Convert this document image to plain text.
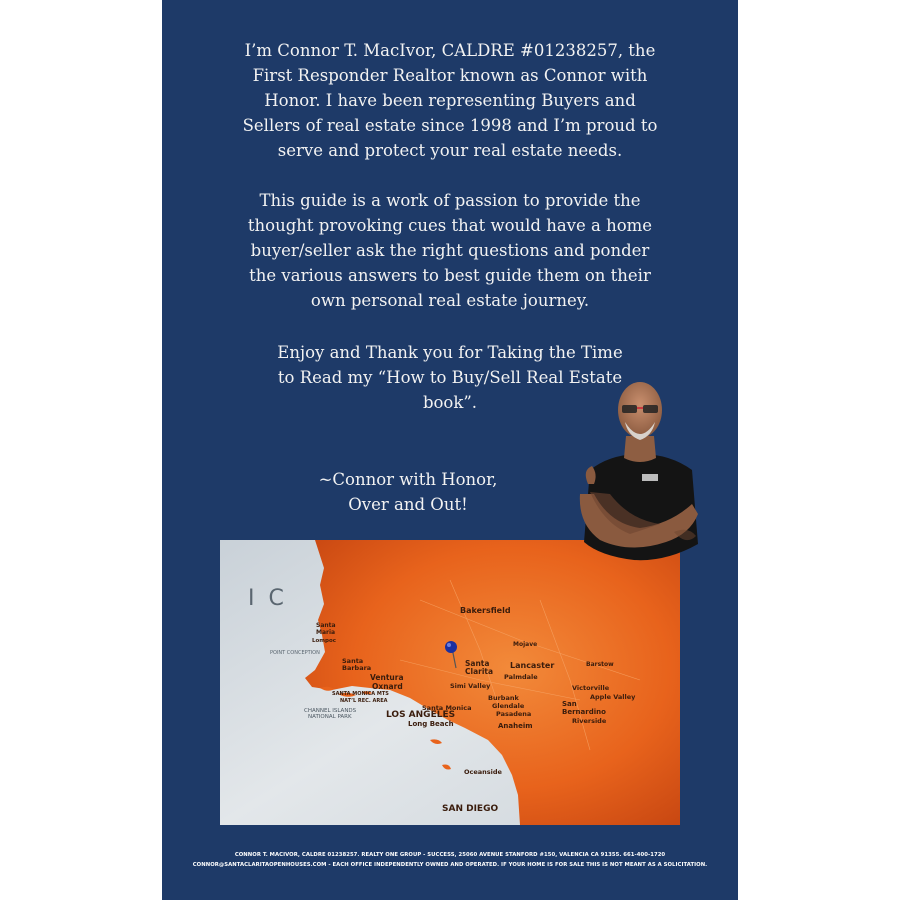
I’m Connor T. MacIvor, CALDRE #01238257, the
First Responder Realtor known as Connor with
Honor. I have been representing Buyers and
Sellers of real estate since 1998 and I’m proud to
serve and protect your real estate needs.
This guide is a work of passion to provide the
thought provoking cues that would have a home
buyer/seller ask the right questions and ponder
the various answers to best guide them on their
own personal real estate journey.
Enjoy and Thank you for Taking the Time
to Read my “How to Buy/Sell Real Estate
book”.
~Connor with Honor,
Over and Out!
IC	Bakersfield
Santa Maria
Lompoc
POINT CONCEPTION
Mojave
Santa Barbara	Santa Clarita
Lancaster	Barstow
Palmdale
Ventura
Oxnard	Simi Valley	Victorville
Apple Valley
SANTA MONICA MTS
NAT’L REC. AREA	Burbank
Glendale
Santa Monica	San Bernardino
CHANNEL ISLANDS
NATIONAL PARK	Pasadena
LOS ANGELES
Riverside
Long Beach	Anaheim
Oceanside
SAN DIEGO
CONNOR T. MACIVOR, CALDRE 01238257. REALTY ONE GROUP - SUCCESS, 25060 AVENUE STANFORD #150, VALENCIA CA 91355. 661-400-1720
CONNOR@SANTACLARITAOPENHOUSES.COM - EACH OFFICE INDEPENDENTLY OWNED AND OPERATED. IF YOUR HOME IS FOR SALE THIS IS NOT MEANT AS A SOLICITATION.
